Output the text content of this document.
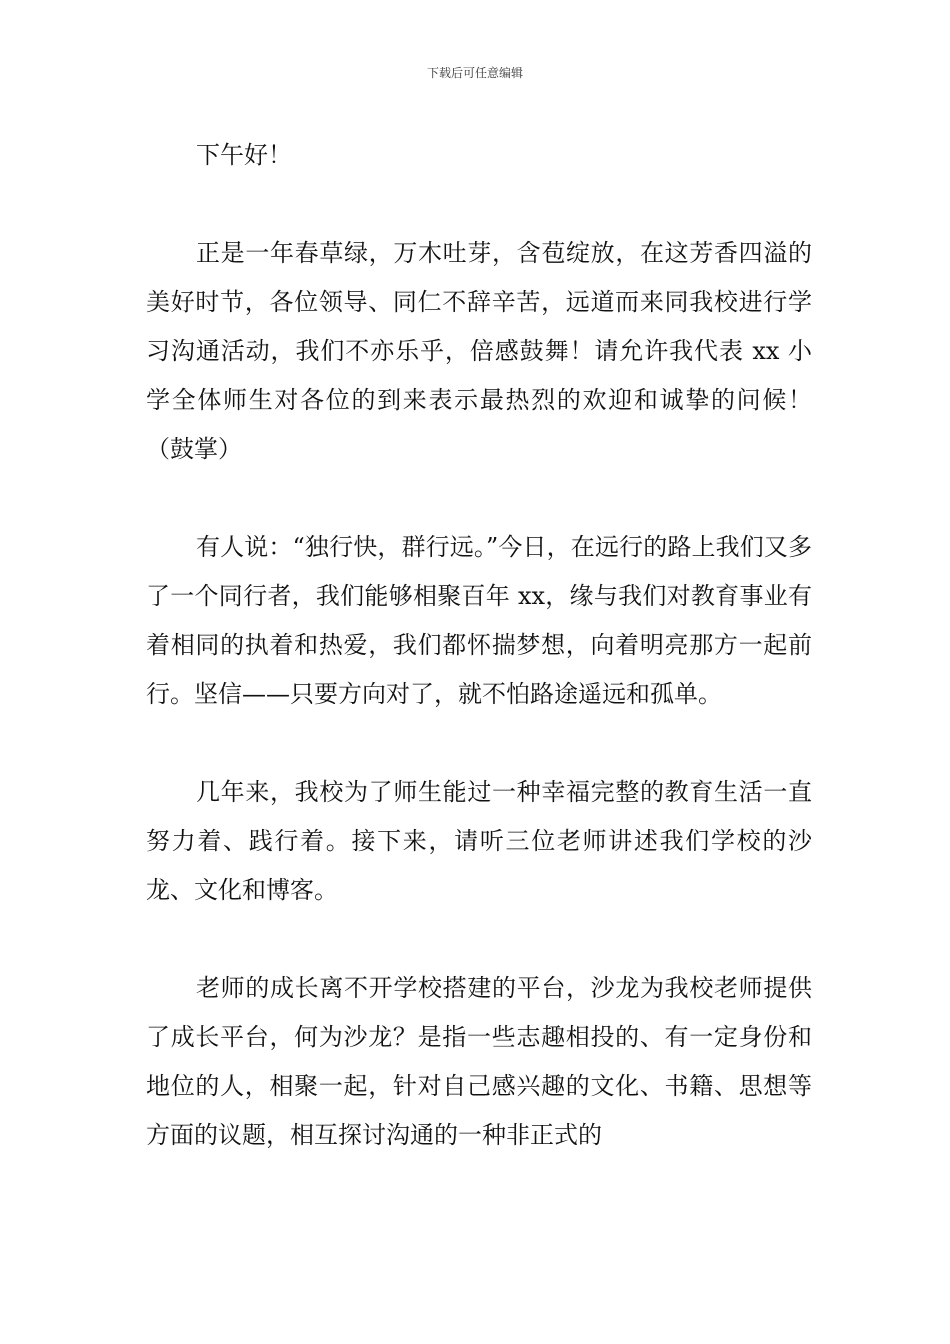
下载后可任意编辑

下午好！

正是一年春草绿，万木吐芽，含苞绽放，在这芳香四溢的美好时节，各位领导、同仁不辞辛苦，远道而来同我校进行学习沟通活动，我们不亦乐乎，倍感鼓舞！请允许我代表 xx 小学全体师生对各位的到来表示最热烈的欢迎和诚挚的问候！（鼓掌）

有人说：“独行快，群行远。”今日，在远行的路上我们又多了一个同行者，我们能够相聚百年 xx，缘与我们对教育事业有着相同的执着和热爱，我们都怀揣梦想，向着明亮那方一起前行。坚信——只要方向对了，就不怕路途遥远和孤单。

几年来，我校为了师生能过一种幸福完整的教育生活一直努力着、践行着。接下来，请听三位老师讲述我们学校的沙龙、文化和博客。

老师的成长离不开学校搭建的平台，沙龙为我校老师提供了成长平台，何为沙龙？是指一些志趣相投的、有一定身份和地位的人，相聚一起，针对自己感兴趣的文化、书籍、思想等方面的议题，相互探讨沟通的一种非正式的
